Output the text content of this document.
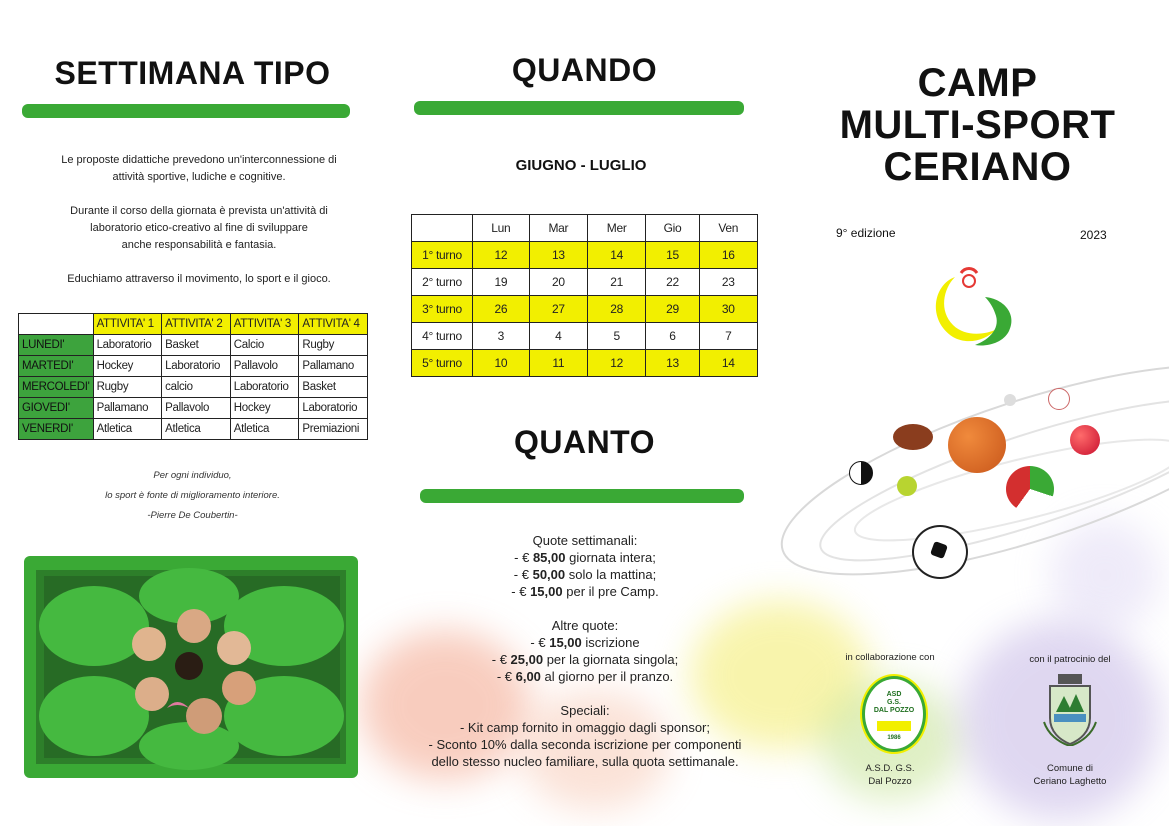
SETTIMANA TIPO
Le proposte didattiche prevedono un'interconnessione di
attività sportive, ludiche e cognitive.
Durante il corso della giornata è prevista un'attività di
laboratorio etico-creativo al fine di sviluppare
anche responsabilità e fantasia.
Educhiamo attraverso il movimento, lo sport e il gioco.
	ATTIVITA' 1	ATTIVITA' 2	ATTIVITA' 3	ATTIVITA' 4
LUNEDI'	Laboratorio	Basket	Calcio	Rugby
MARTEDI'	Hockey	Laboratorio	Pallavolo	Pallamano
MERCOLEDI'	Rugby	calcio	Laboratorio	Basket
GIOVEDI'	Pallamano	Pallavolo	Hockey	Laboratorio
VENERDI'	Atletica	Atletica	Atletica	Premiazioni
Per ogni individuo,
lo sport è fonte di miglioramento interiore.
-Pierre De Coubertin-
QUANDO
GIUGNO - LUGLIO
	Lun	Mar	Mer	Gio	Ven
1° turno	12	13	14	15	16
2° turno	19	20	21	22	23
3° turno	26	27	28	29	30
4° turno	3	4	5	6	7
5° turno	10	11	12	13	14
QUANTO
Quote settimanali:
- € 85,00 giornata intera;
- € 50,00 solo la mattina;
- € 15,00 per il pre Camp.
Altre quote:
- € 15,00 iscrizione
- € 25,00 per la giornata singola;
- € 6,00 al giorno per il pranzo.
Speciali:
- Kit camp fornito in omaggio dagli sponsor;
- Sconto 10% dalla seconda iscrizione per componenti
dello stesso nucleo familiare, sulla quota settimanale.
CAMP
MULTI-SPORT
CERIANO
9° edizione	2023
in collaborazione con
ASD
G.S.
DAL POZZO
1986
A.S.D. G.S.
Dal Pozzo
con il patrocinio del
Comune di
Ceriano Laghetto
